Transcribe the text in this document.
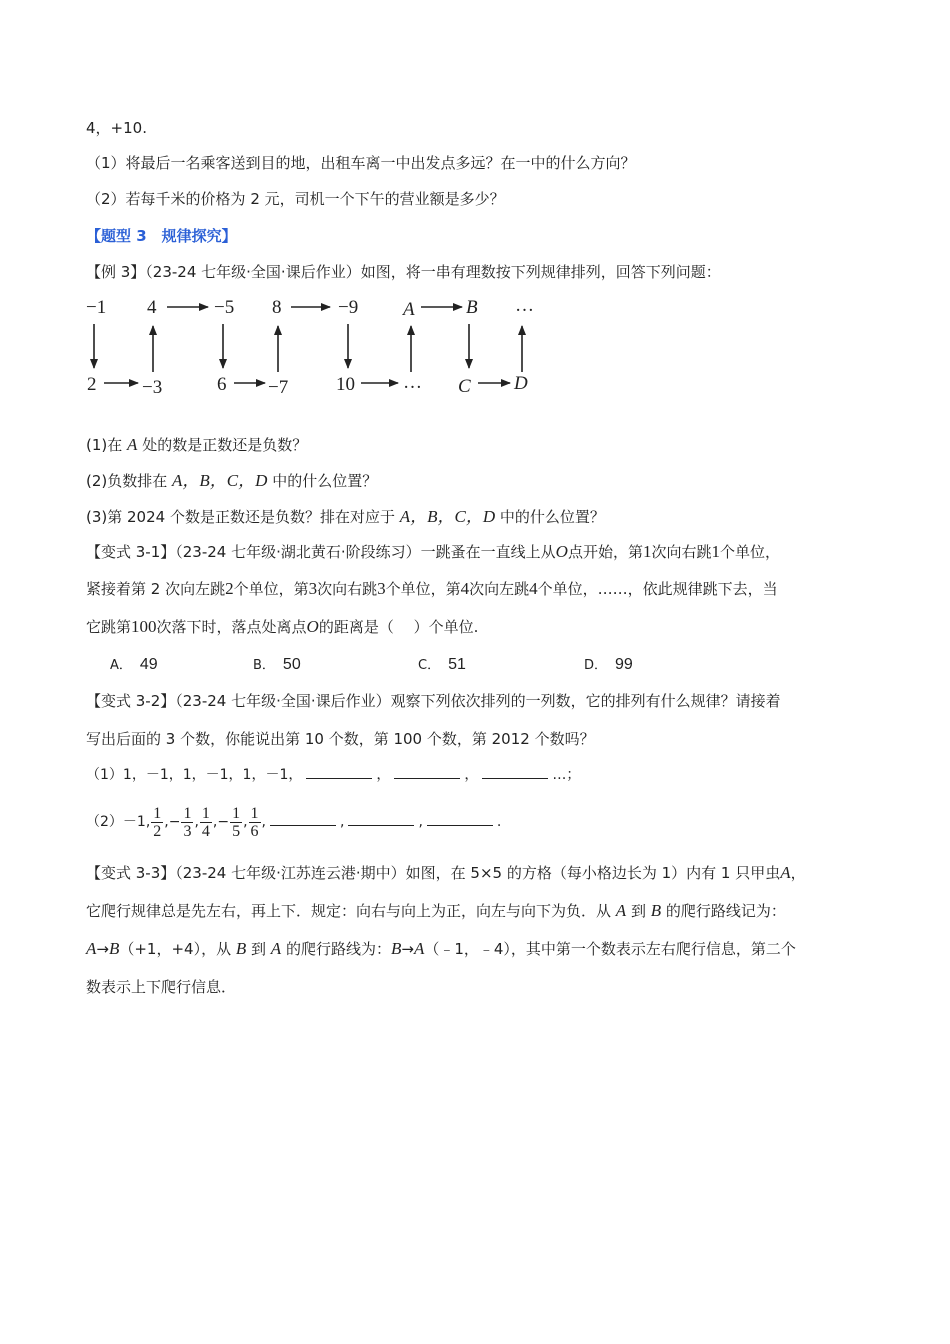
4，+10.
（1）将最后一名乘客送到目的地，出租车离一中出发点多远？在一中的什么方向？
（2）若每千米的价格为 2 元，司机一个下午的营业额是多少？
【题型 3　规律探究】
【例 3】（23-24 七年级·全国·课后作业）如图，将一串有理数按下列规律排列，回答下列问题：
−1 4	−5 8	−9 A	B …
2 −3	6 −7	10	… C D
(1)在 A 处的数是正数还是负数？
(2)负数排在 A，B，C，D 中的什么位置？
(3)第 2024 个数是正数还是负数？排在对应于 A，B，C，D 中的什么位置？
【变式 3-1】（23-24 七年级·湖北黄石·阶段练习）一跳蚤在一直线上从O点开始，第1次向右跳1个单位，
紧接着第 2 次向左跳2个单位，第3次向右跳3个单位，第4次向左跳4个单位，……，依此规律跳下去，当
它跳第100次落下时，落点处离点O的距离是（　 ）个单位.
A． 49	B． 50	C． 51	D． 99
【变式 3-2】（23-24 七年级·全国·课后作业）观察下列依次排列的一列数，它的排列有什么规律？请接着
写出后面的 3 个数，你能说出第 10 个数，第 100 个数，第 2012 个数吗？
（1）1，－1，1，－1，1，－1，	，	，	…；
（2）－1, $\frac{1}{2}$ ,− $\frac{1}{3}$ , $\frac{1}{4}$ ,− $\frac{1}{5}$ , $\frac{1}{6}$ ,	,	,	.
【变式 3-3】（23-24 七年级·江苏连云港·期中）如图，在 5×5 的方格（每小格边长为 1）内有 1 只甲虫A，
它爬行规律总是先左右，再上下．规定：向右与向上为正，向左与向下为负．从 A 到 B 的爬行路线记为：
A→B（+1，+4），从 B 到 A 的爬行路线为：B→A（﹣1，﹣4），其中第一个数表示左右爬行信息，第二个
数表示上下爬行信息．
